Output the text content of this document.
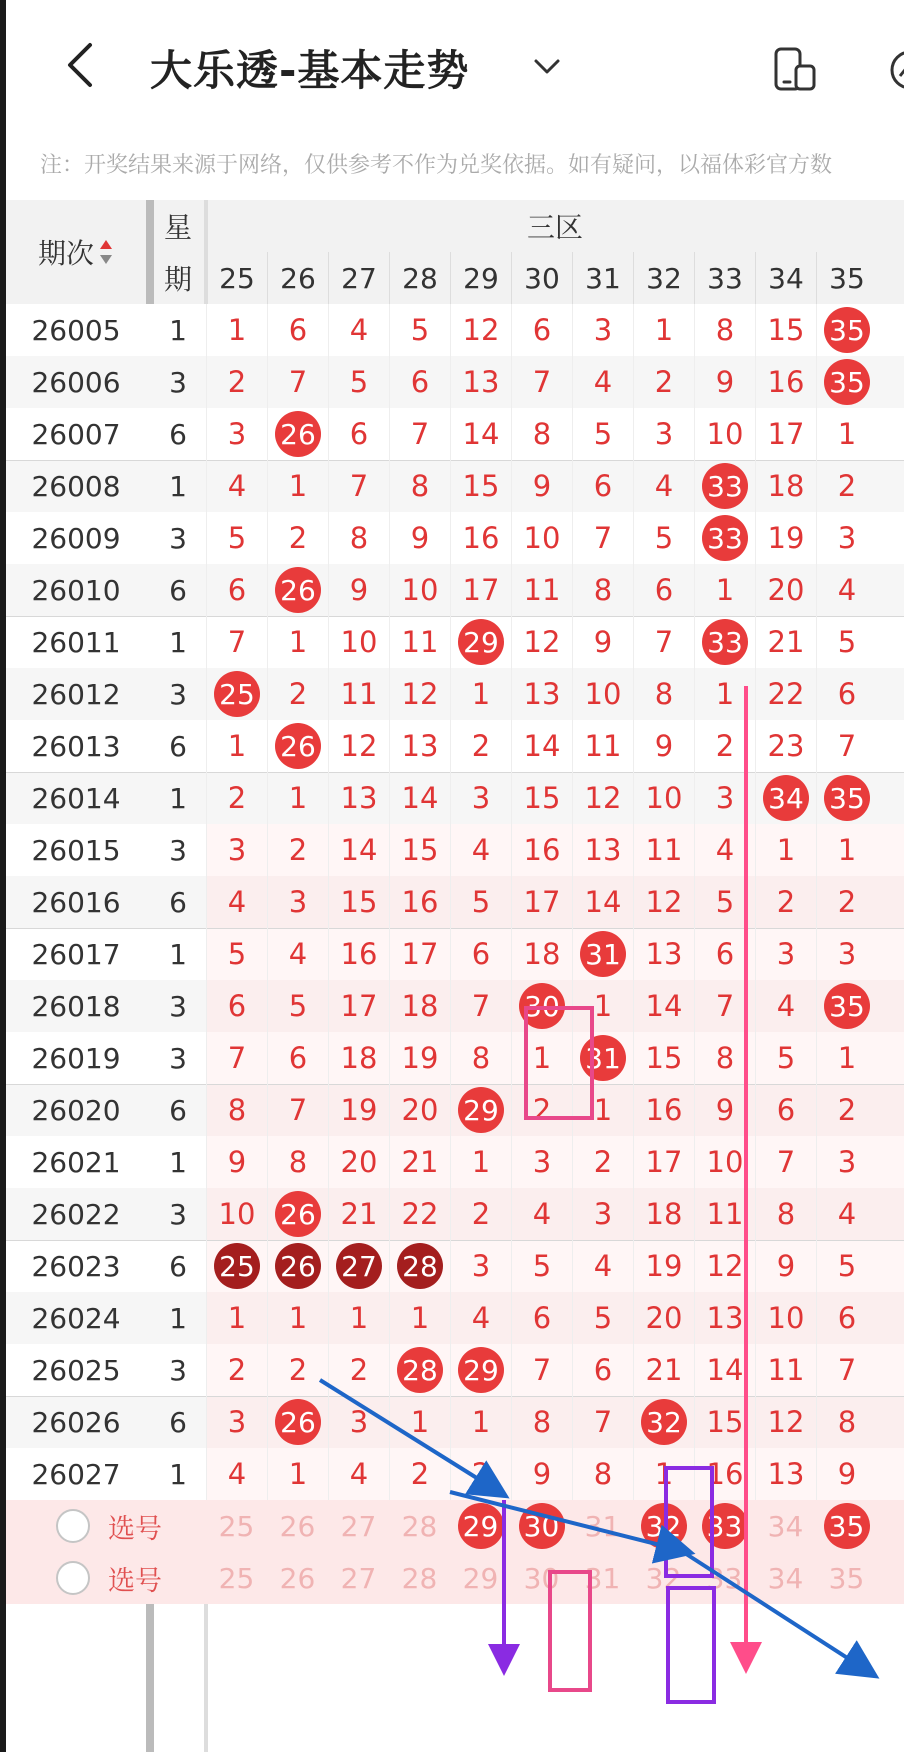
大乐透-基本走势
注：开奖结果来源于网络，仅供参考不作为兑奖依据。如有疑问，以福体彩官方数
期次
星
期
三区
25 26 27 28 29 30 31 32 33 34 35
26005	1	1 6 4 5 12 6 3 1 8 15 35
26006	3	2 7 5 6 13 7 4 2 9 16 35
26007	6	3 26 6 7 14 8 5 3 10 17 1
26008	1	4 1 7 8 15 9 6 4 33 18 2
26009	3	5 2 8 9 16 10 7 5 33 19 3
26010	6	6 26 9 10 17 11 8 6 1 20 4
26011	1	7 1 10 11 29 12 9 7 33 21 5
26012	3	25 2 11 12 1 13 10 8 1 22 6
26013	6	1 26 12 13 2 14 11 9 2 23 7
26014	1	2 1 13 14 3 15 12 10 3 34 35
26015	3	3 2 14 15 4 16 13 11 4 1 1
26016	6	4 3 15 16 5 17 14 12 5 2 2
26017	1	5 4 16 17 6 18 31 13 6 3 3
26018	3	6 5 17 18 7 30 1 14 7 4 35
26019	3	7 6 18 19 8 1 31 15 8 5 1
26020	6	8 7 19 20 29 2 1 16 9 6 2
26021	1	9 8 20 21 1 3 2 17 10 7 3
26022	3	10 26 21 22 2 4 3 18 11 8 4
26023	6	25 26 27 28 3 5 4 19 12 9 5
26024	1	1 1 1 1 4 6 5 20 13 10 6
26025	3	2 2 2 28 29 7 6 21 14 11 7
26026	6	3 26 3 1 1 8 7 32 15 12 8
26027	1	4 1 4 2 2 9 8 1 16 13 9
选号 25 26 27 28 29 30 31 32 33 34 35
选号 25 26 27 28 29 30 31 32 33 34 35
